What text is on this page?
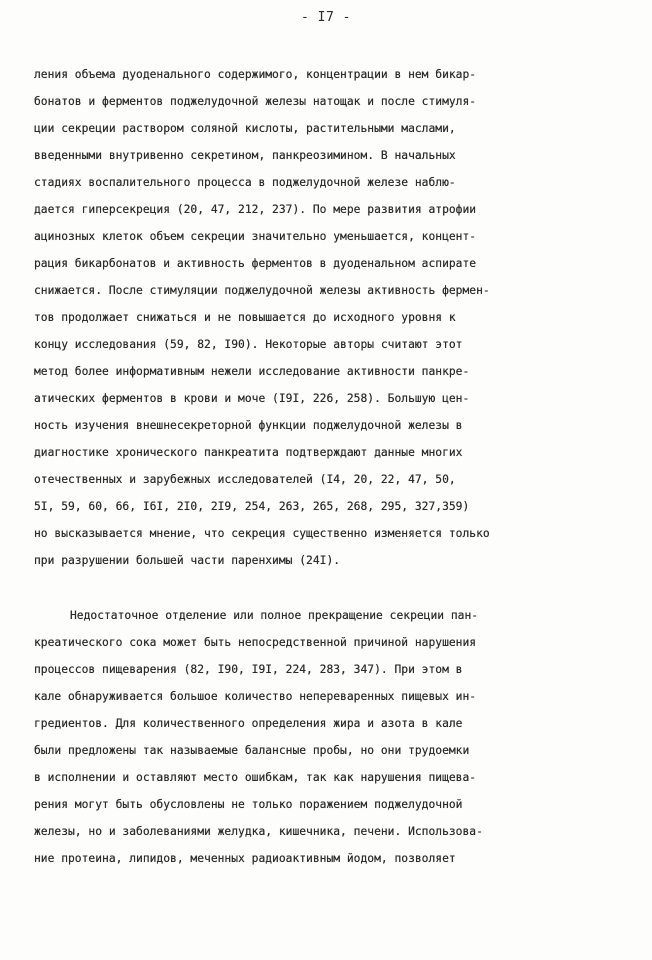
- I7 -
ления объема дуоденального содержимого, концентрации в нем бикар-
бонатов и ферментов поджелудочной железы натощак и после стимуля-
ции секреции раствором соляной кислоты, растительными маслами,
введенными внутривенно секретином, панкреозимином. В начальных
стадиях воспалительного процесса в поджелудочной железе наблю-
дается гиперсекреция (20, 47, 212, 237). По мере развития атрофии
ацинозных клеток объем секреции значительно уменьшается, концент-
рация бикарбонатов и активность ферментов в дуоденальном аспирате
снижается. После стимуляции поджелудочной железы активность фермен-
тов продолжает снижаться и не повышается до исходного уровня к
концу исследования (59, 82, I90). Некоторые авторы считают этот
метод более информативным нежели исследование активности панкре-
атических ферментов в крови и моче (I9I, 226, 258). Большую цен-
ность изучения внешнесекреторной функции поджелудочной железы в
диагностике хронического панкреатита подтверждают данные многих
отечественных и зарубежных исследователей (I4, 20, 22, 47, 50,
5I, 59, 60, 66, I6I, 2I0, 2I9, 254, 263, 265, 268, 295, 327,359)
но высказывается мнение, что секреция существенно изменяется только
при разрушении большей части паренхимы (24I).
Недостаточное отделение или полное прекращение секреции пан-
креатического сока может быть непосредственной причиной нарушения
процессов пищеварения (82, I90, I9I, 224, 283, 347). При этом в
кале обнаруживается большое количество непереваренных пищевых ин-
гредиентов. Для количественного определения жира и азота в кале
были предложены так называемые балансные пробы, но они трудоемки
в исполнении и оставляют место ошибкам, так как нарушения пищева-
рения могут быть обусловлены не только поражением поджелудочной
железы, но и заболеваниями желудка, кишечника, печени. Использова-
ние протеина, липидов, меченных радиоактивным йодом, позволяет
